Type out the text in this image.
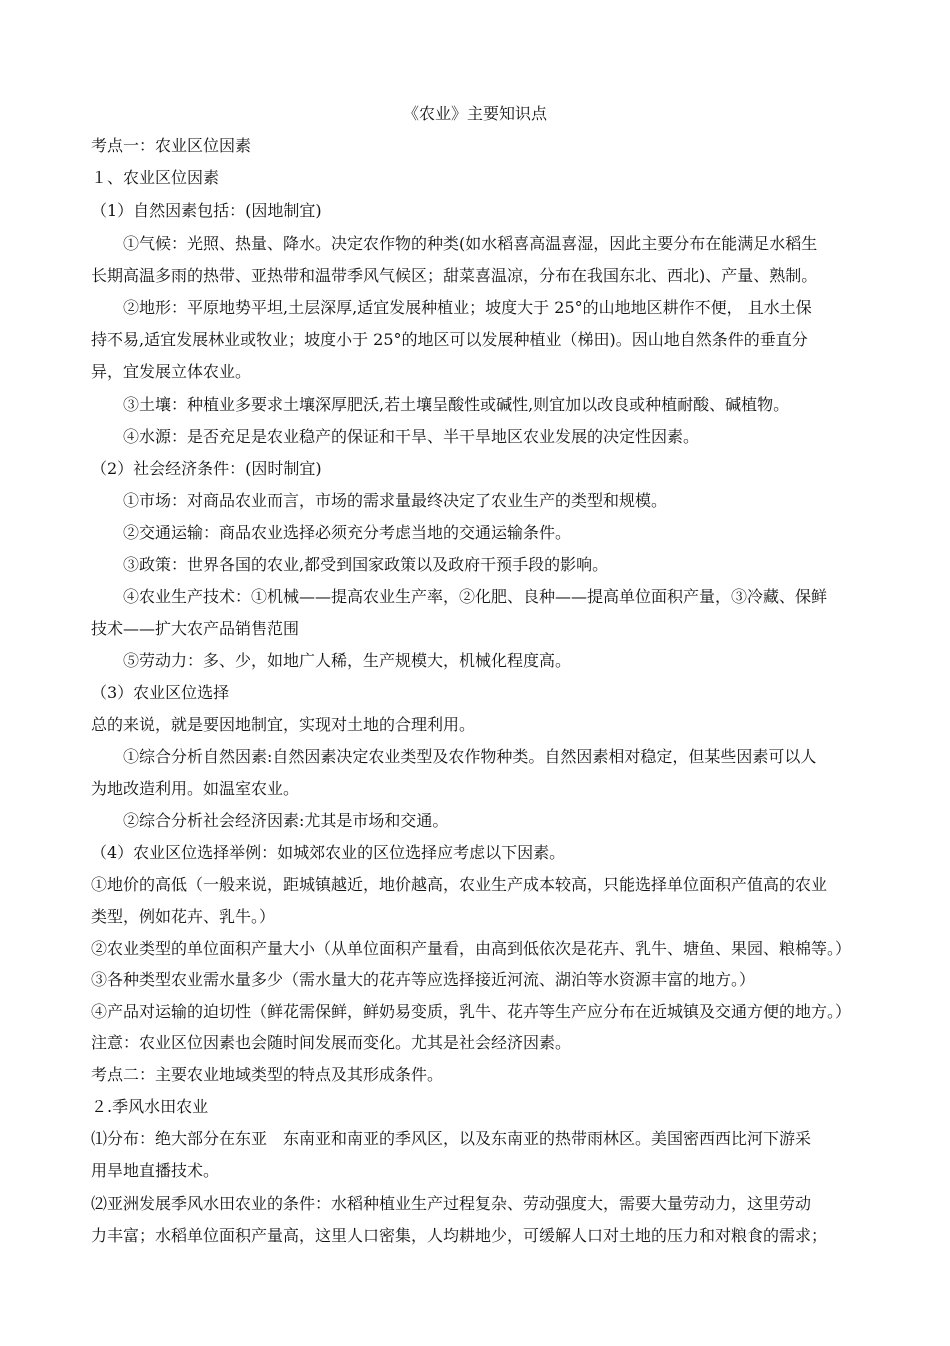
《农业》主要知识点
考点一：农业区位因素
１、农业区位因素
（1）自然因素包括：(因地制宜)
①气候：光照、热量、降水。决定农作物的种类(如水稻喜高温喜湿，因此主要分布在能满足水稻生
长期高温多雨的热带、亚热带和温带季风气候区；甜菜喜温凉，分布在我国东北、西北)、产量、熟制。
②地形：平原地势平坦,土层深厚,适宜发展种植业；坡度大于 25°的山地地区耕作不便， 且水土保
持不易,适宜发展林业或牧业；坡度小于 25°的地区可以发展种植业（梯田)。因山地自然条件的垂直分
异，宜发展立体农业。
③土壤：种植业多要求土壤深厚肥沃,若土壤呈酸性或碱性,则宜加以改良或种植耐酸、碱植物。
④水源：是否充足是农业稳产的保证和干旱、半干旱地区农业发展的决定性因素。
（2）社会经济条件：(因时制宜)
①市场：对商品农业而言，市场的需求量最终决定了农业生产的类型和规模。
②交通运输：商品农业选择必须充分考虑当地的交通运输条件。
③政策：世界各国的农业,都受到国家政策以及政府干预手段的影响。
④农业生产技术：①机械——提高农业生产率，②化肥、良种——提高单位面积产量，③冷藏、保鲜
技术——扩大农产品销售范围
⑤劳动力：多、少，如地广人稀，生产规模大，机械化程度高。
（3）农业区位选择
总的来说，就是要因地制宜，实现对土地的合理利用。
①综合分析自然因素:自然因素决定农业类型及农作物种类。自然因素相对稳定，但某些因素可以人
为地改造利用。如温室农业。
②综合分析社会经济因素:尤其是市场和交通。
（4）农业区位选择举例：如城郊农业的区位选择应考虑以下因素。
①地价的高低（一般来说，距城镇越近，地价越高，农业生产成本较高，只能选择单位面积产值高的农业
类型，例如花卉、乳牛。）
②农业类型的单位面积产量大小（从单位面积产量看，由高到低依次是花卉、乳牛、塘鱼、果园、粮棉等。）
③各种类型农业需水量多少（需水量大的花卉等应选择接近河流、湖泊等水资源丰富的地方。）
④产品对运输的迫切性（鲜花需保鲜，鲜奶易变质，乳牛、花卉等生产应分布在近城镇及交通方便的地方。）
注意：农业区位因素也会随时间发展而变化。尤其是社会经济因素。
考点二：主要农业地域类型的特点及其形成条件。
２.季风水田农业
⑴分布：绝大部分在东亚　东南亚和南亚的季风区，以及东南亚的热带雨林区。美国密西西比河下游采
用旱地直播技术。
⑵亚洲发展季风水田农业的条件：水稻种植业生产过程复杂、劳动强度大，需要大量劳动力，这里劳动
力丰富；水稻单位面积产量高，这里人口密集，人均耕地少，可缓解人口对土地的压力和对粮食的需求；
